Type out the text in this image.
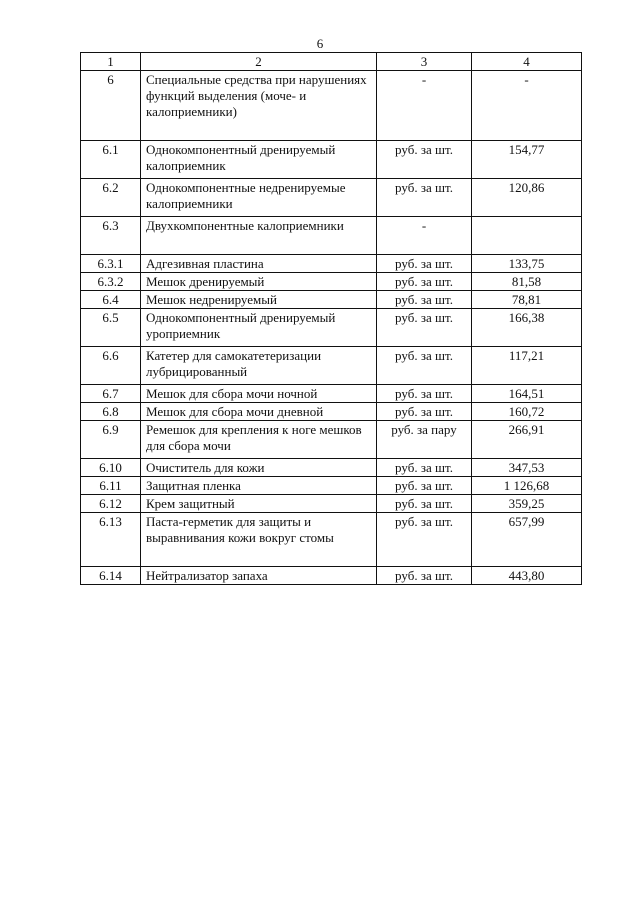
6
1	2	3	4
6	Специальные средства при нарушениях функций выделения (моче- и калоприемники)	-	-
6.1	Однокомпонентный дренируемый калоприемник	руб. за шт.	154,77
6.2	Однокомпонентные недренируемые калоприемники	руб. за шт.	120,86
6.3	Двухкомпонентные калоприемники	-	
6.3.1	Адгезивная пластина	руб. за шт.	133,75
6.3.2	Мешок дренируемый	руб. за шт.	81,58
6.4	Мешок недренируемый	руб. за шт.	78,81
6.5	Однокомпонентный дренируемый уроприемник	руб. за шт.	166,38
6.6	Катетер для самокатетеризации лубрицированный	руб. за шт.	117,21
6.7	Мешок для сбора мочи ночной	руб. за шт.	164,51
6.8	Мешок для сбора мочи дневной	руб. за шт.	160,72
6.9	Ремешок для крепления к ноге мешков для сбора мочи	руб. за пару	266,91
6.10	Очиститель для кожи	руб. за шт.	347,53
6.11	Защитная пленка	руб. за шт.	1 126,68
6.12	Крем защитный	руб. за шт.	359,25
6.13	Паста-герметик для защиты и выравнивания кожи вокруг стомы	руб. за шт.	657,99
6.14	Нейтрализатор запаха	руб. за шт.	443,80
